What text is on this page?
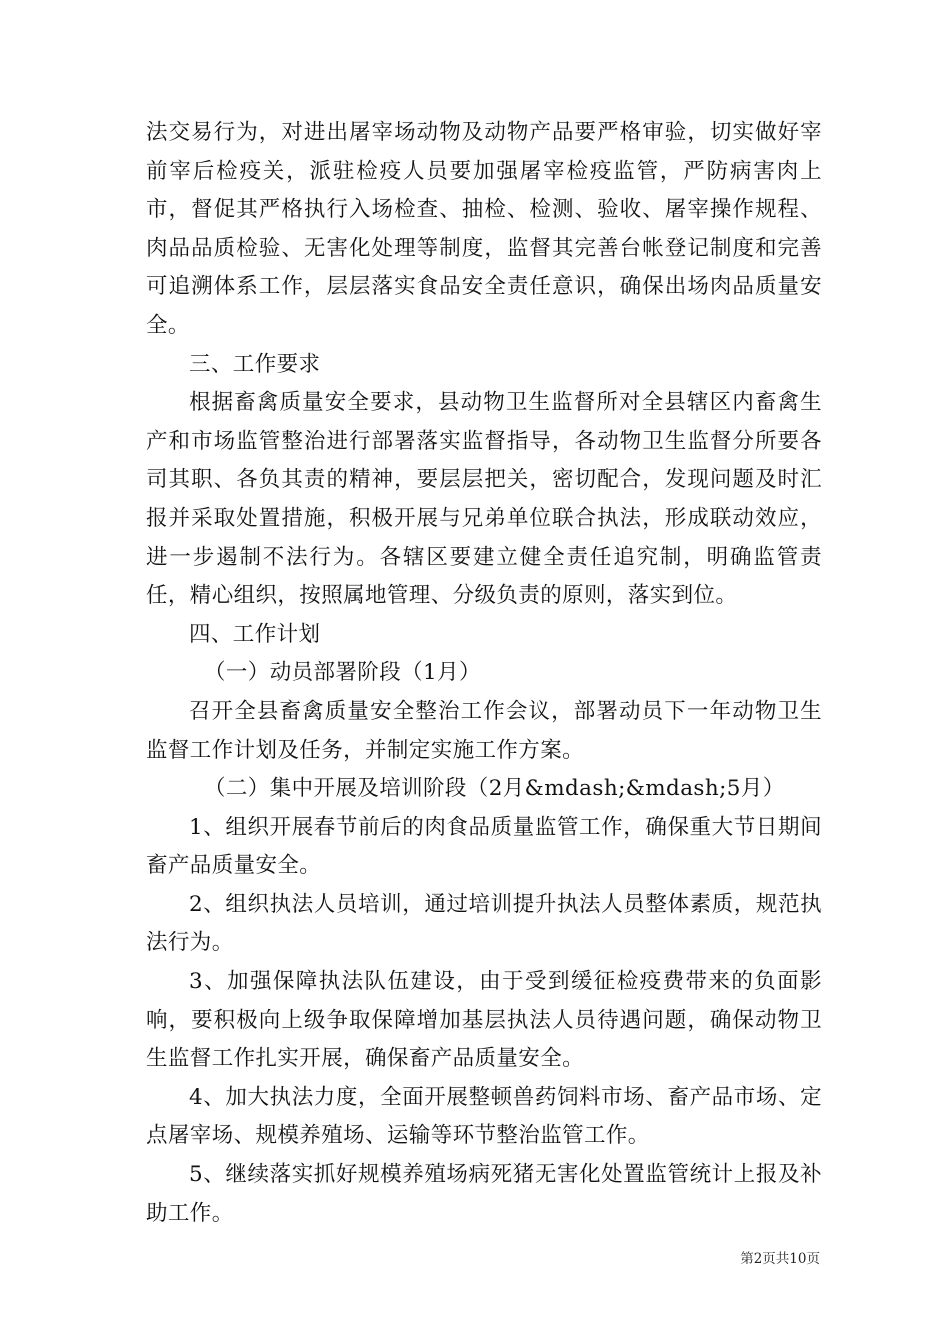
法交易行为，对进出屠宰场动物及动物产品要严格审验，切实做好宰前宰后检疫关，派驻检疫人员要加强屠宰检疫监管，严防病害肉上市，督促其严格执行入场检查、抽检、检测、验收、屠宰操作规程、肉品品质检验、无害化处理等制度，监督其完善台帐登记制度和完善可追溯体系工作，层层落实食品安全责任意识，确保出场肉品质量安全。

三、工作要求

根据畜禽质量安全要求，县动物卫生监督所对全县辖区内畜禽生产和市场监管整治进行部署落实监督指导，各动物卫生监督分所要各司其职、各负其责的精神，要层层把关，密切配合，发现问题及时汇报并采取处置措施，积极开展与兄弟单位联合执法，形成联动效应，进一步遏制不法行为。各辖区要建立健全责任追究制，明确监管责任，精心组织，按照属地管理、分级负责的原则，落实到位。

四、工作计划

（一）动员部署阶段（1月）

召开全县畜禽质量安全整治工作会议，部署动员下一年动物卫生监督工作计划及任务，并制定实施工作方案。

（二）集中开展及培训阶段（2月&mdash;&mdash;5月）

1、组织开展春节前后的肉食品质量监管工作，确保重大节日期间畜产品质量安全。

2、组织执法人员培训，通过培训提升执法人员整体素质，规范执法行为。

3、加强保障执法队伍建设，由于受到缓征检疫费带来的负面影响，要积极向上级争取保障增加基层执法人员待遇问题，确保动物卫生监督工作扎实开展，确保畜产品质量安全。

4、加大执法力度，全面开展整顿兽药饲料市场、畜产品市场、定点屠宰场、规模养殖场、运输等环节整治监管工作。

5、继续落实抓好规模养殖场病死猪无害化处置监管统计上报及补助工作。

第2页共10页
